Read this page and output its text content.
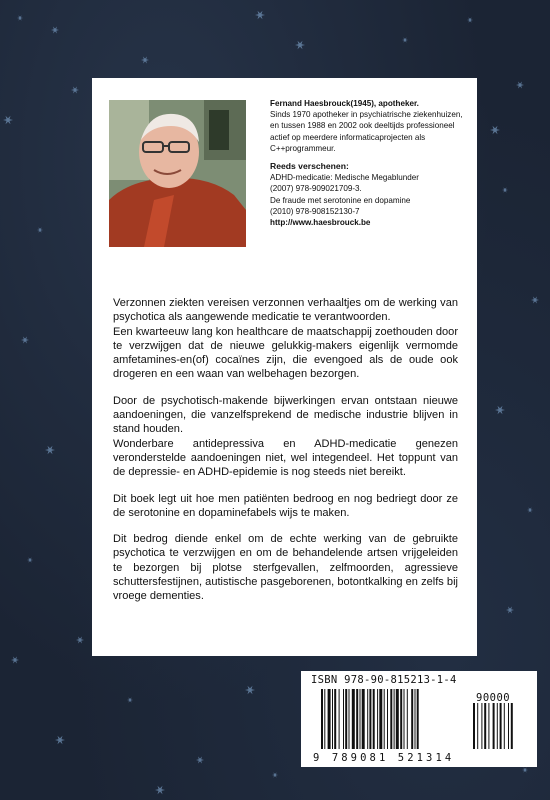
Fernand Haesbrouck(1945), apotheker.
Sinds 1970 apotheker in psychiatrische ziekenhuizen, en tussen 1988 en 2002 ook deeltijds professioneel actief op meerdere informaticaprojecten als C++programmeur.
Reeds verschenen:
ADHD-medicatie: Medische Megablunder
(2007) 978-909021709-3.
De fraude met serotonine en dopamine
(2010) 978-908152130-7
http://www.haesbrouck.be

Verzonnen ziekten vereisen verzonnen verhaaltjes om de werking van psychotica als aangewende medicatie te verantwoorden.

Een kwarteeuw lang kon healthcare de maatschappij zoethouden door te verzwijgen dat de nieuwe gelukkig-makers eigenlijk vermomde amfetamines-en(of) cocaïnes zijn, die evengoed als de oude ook drogeren en een waan van welbehagen bezorgen.

Door de psychotisch-makende bijwerkingen ervan ontstaan nieuwe aandoeningen, die vanzelfsprekend de medische industrie blijven in stand houden.

Wonderbare antidepressiva en ADHD-medicatie genezen veronderstelde aandoeningen niet, wel integendeel. Het toppunt van de depressie- en ADHD-epidemie is nog steeds niet bereikt.

Dit boek legt uit hoe men patiënten bedroog en nog bedriegt door ze de serotonine en dopaminefabels wijs te maken.

Dit bedrog diende enkel om de echte werking van de gebruikte psychotica te verzwijgen en om de behandelende artsen vrijgeleiden te bezorgen bij plotse sterfgevallen, zelfmoorden, agressieve schuttersfestijnen, autistische pasgeborenen, botontkalking en zelfs bij vroege dementies.

ISBN 978-90-815213-1-4
90000
9 789081 521314
